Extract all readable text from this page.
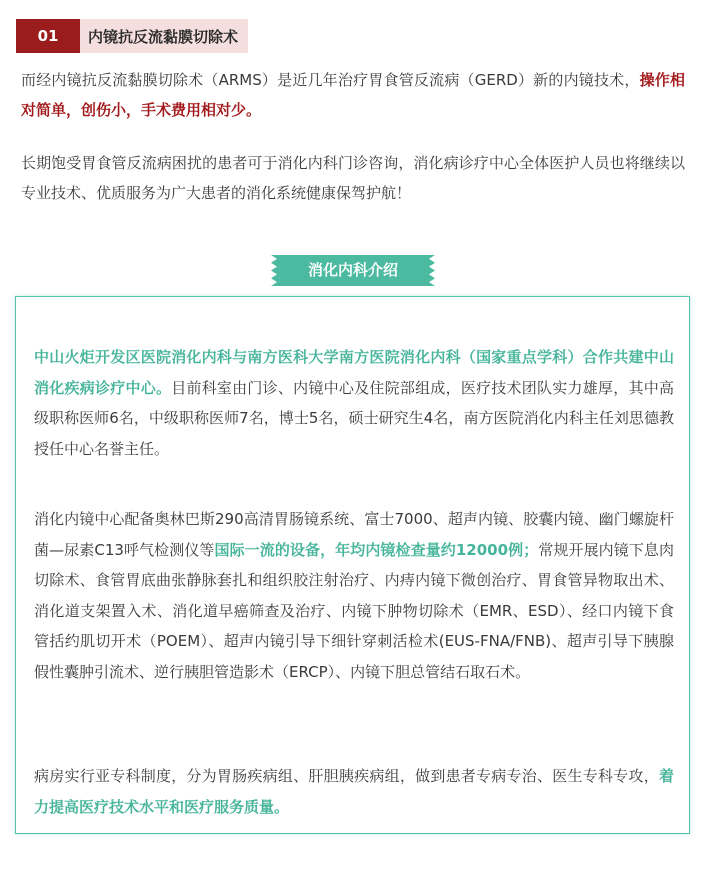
01	内镜抗反流黏膜切除术

而经内镜抗反流黏膜切除术（ARMS）是近几年治疗胃食管反流病（GERD）新的内镜技术，操作相对简单，创伤小，手术费用相对少。

长期饱受胃食管反流病困扰的患者可于消化内科门诊咨询，消化病诊疗中心全体医护人员也将继续以专业技术、优质服务为广大患者的消化系统健康保驾护航！

消化内科介绍

中山火炬开发区医院消化内科与南方医科大学南方医院消化内科（国家重点学科）合作共建中山消化疾病诊疗中心。目前科室由门诊、内镜中心及住院部组成，医疗技术团队实力雄厚，其中高级职称医师6名，中级职称医师7名，博士5名，硕士研究生4名，南方医院消化内科主任刘思德教授任中心名誉主任。

消化内镜中心配备奥林巴斯290高清胃肠镜系统、富士7000、超声内镜、胶囊内镜、幽门螺旋杆菌—尿素C13呼气检测仪等国际一流的设备，年均内镜检查量约12000例；常规开展内镜下息肉切除术、食管胃底曲张静脉套扎和组织胶注射治疗、内痔内镜下微创治疗、胃食管异物取出术、消化道支架置入术、消化道早癌筛查及治疗、内镜下肿物切除术（EMR、ESD）、经口内镜下食管括约肌切开术（POEM）、超声内镜引导下细针穿刺活检术(EUS-FNA/FNB)、超声引导下胰腺假性囊肿引流术、逆行胰胆管造影术（ERCP）、内镜下胆总管结石取石术。

病房实行亚专科制度，分为胃肠疾病组、肝胆胰疾病组，做到患者专病专治、医生专科专攻，着力提高医疗技术水平和医疗服务质量。
